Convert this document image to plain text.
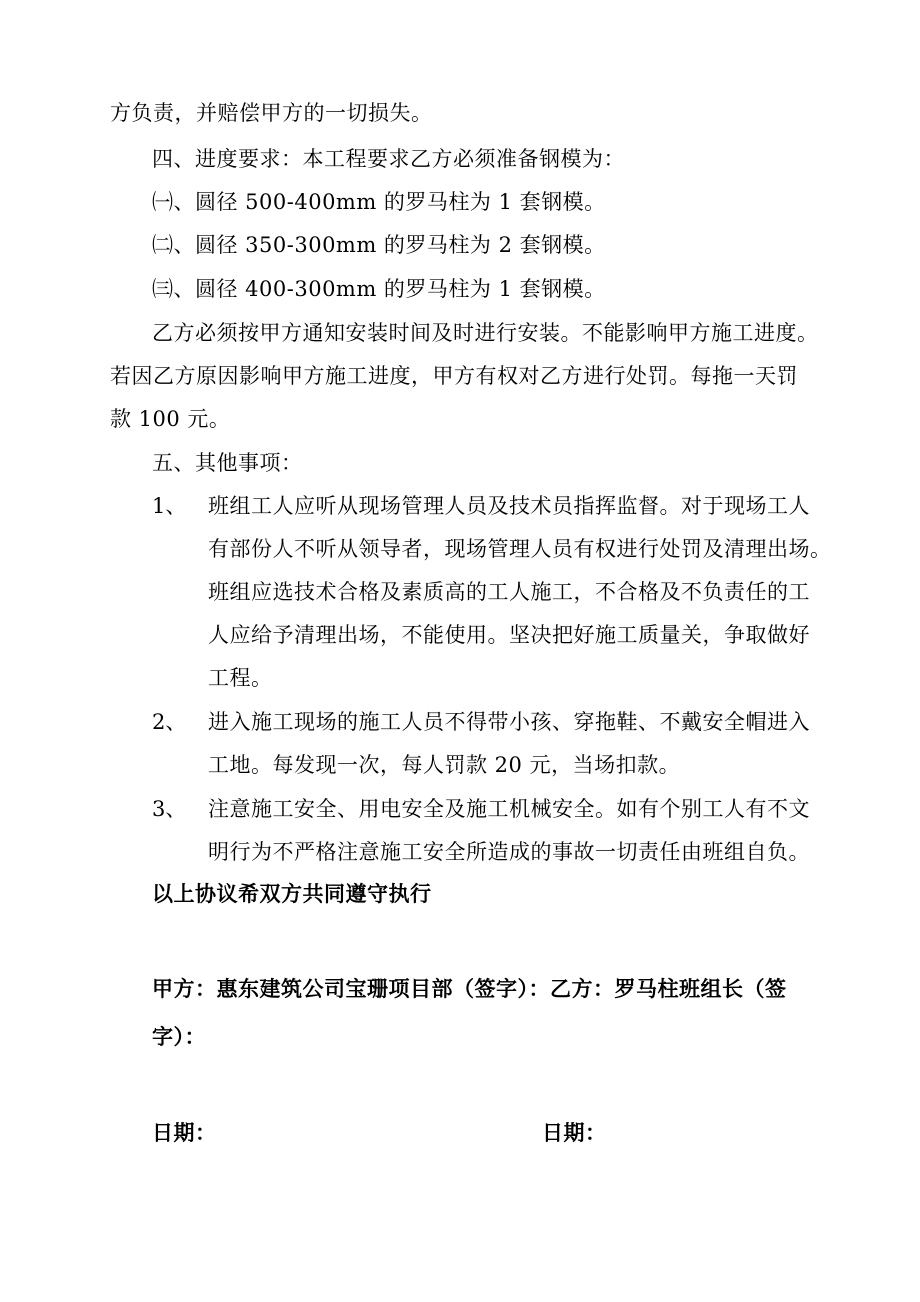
方负责，并赔偿甲方的一切损失。
四、进度要求：本工程要求乙方必须准备钢模为：
㈠、圆径 500-400mm 的罗马柱为 1 套钢模。
㈡、圆径 350-300mm 的罗马柱为 2 套钢模。
㈢、圆径 400-300mm 的罗马柱为 1 套钢模。
乙方必须按甲方通知安装时间及时进行安装。不能影响甲方施工进度。
若因乙方原因影响甲方施工进度，甲方有权对乙方进行处罚。每拖一天罚
款 100 元。
五、其他事项：
1、 班组工人应听从现场管理人员及技术员指挥监督。对于现场工人
有部份人不听从领导者，现场管理人员有权进行处罚及清理出场。
班组应选技术合格及素质高的工人施工，不合格及不负责任的工
人应给予清理出场，不能使用。坚决把好施工质量关，争取做好
工程。
2、 进入施工现场的施工人员不得带小孩、穿拖鞋、不戴安全帽进入
工地。每发现一次，每人罚款 20 元，当场扣款。
3、 注意施工安全、用电安全及施工机械安全。如有个别工人有不文
明行为不严格注意施工安全所造成的事故一切责任由班组自负。
以上协议希双方共同遵守执行
甲方：惠东建筑公司宝珊项目部（签字）：乙方：罗马柱班组长（签
字）：
日期：	日期：
